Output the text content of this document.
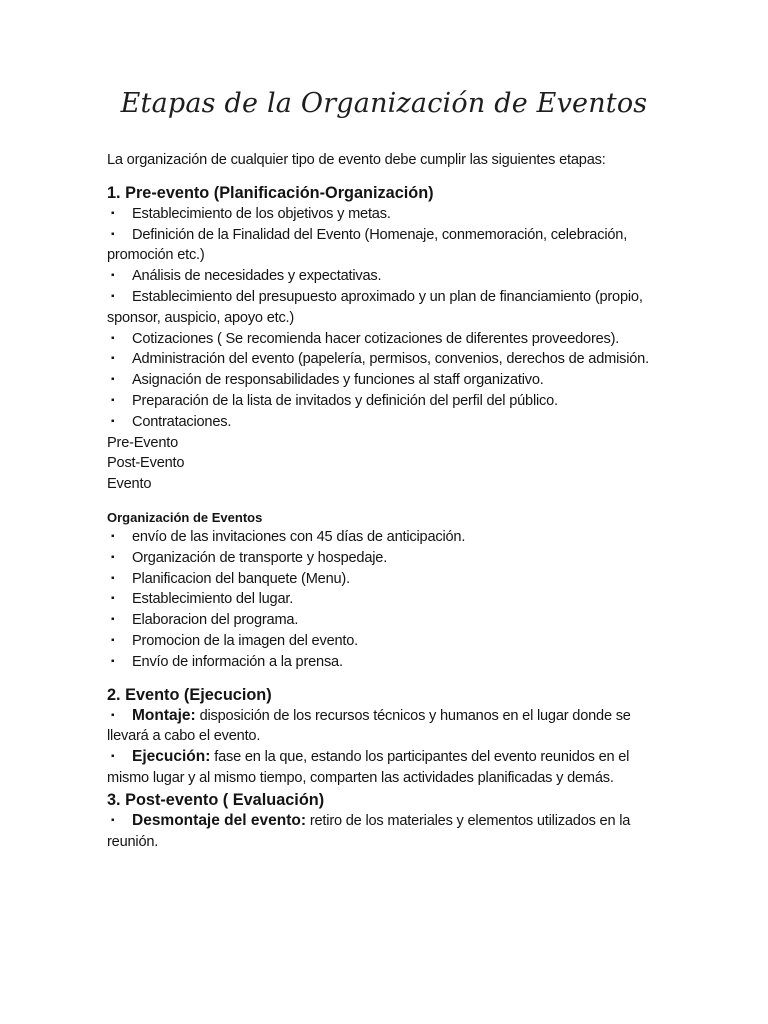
Etapas de la Organización de Eventos
La organización de cualquier tipo de evento debe cumplir las siguientes etapas:
1. Pre-evento (Planificación-Organización)
▪ Establecimiento de los objetivos y metas.
▪ Definición de la Finalidad del Evento (Homenaje, conmemoración, celebración, promoción etc.)
▪ Análisis de necesidades y expectativas.
▪ Establecimiento del presupuesto aproximado y un plan de financiamiento (propio, sponsor, auspicio, apoyo etc.)
▪ Cotizaciones ( Se recomienda hacer cotizaciones de diferentes proveedores).
▪ Administración del evento (papelería, permisos, convenios, derechos de admisión.
▪ Asignación de responsabilidades y funciones al staff organizativo.
▪ Preparación de la lista de invitados y definición del perfil del público.
▪ Contrataciones.
Pre-Evento
Post-Evento
Evento
Organización de Eventos
▪ envío de las invitaciones con 45 días de anticipación.
▪ Organización de transporte y hospedaje.
▪ Planificacion del banquete (Menu).
▪ Establecimiento del lugar.
▪ Elaboracion del programa.
▪ Promocion de la imagen del evento.
▪ Envío de información a la prensa.
2. Evento (Ejecucion)
▪ Montaje: disposición de los recursos técnicos y humanos en el lugar donde se llevará a cabo el evento.
▪ Ejecución: fase en la que, estando los participantes del evento reunidos en el mismo lugar y al mismo tiempo, comparten las actividades planificadas y demás.
3. Post-evento ( Evaluación)
▪ Desmontaje del evento: retiro de los materiales y elementos utilizados en la reunión.
